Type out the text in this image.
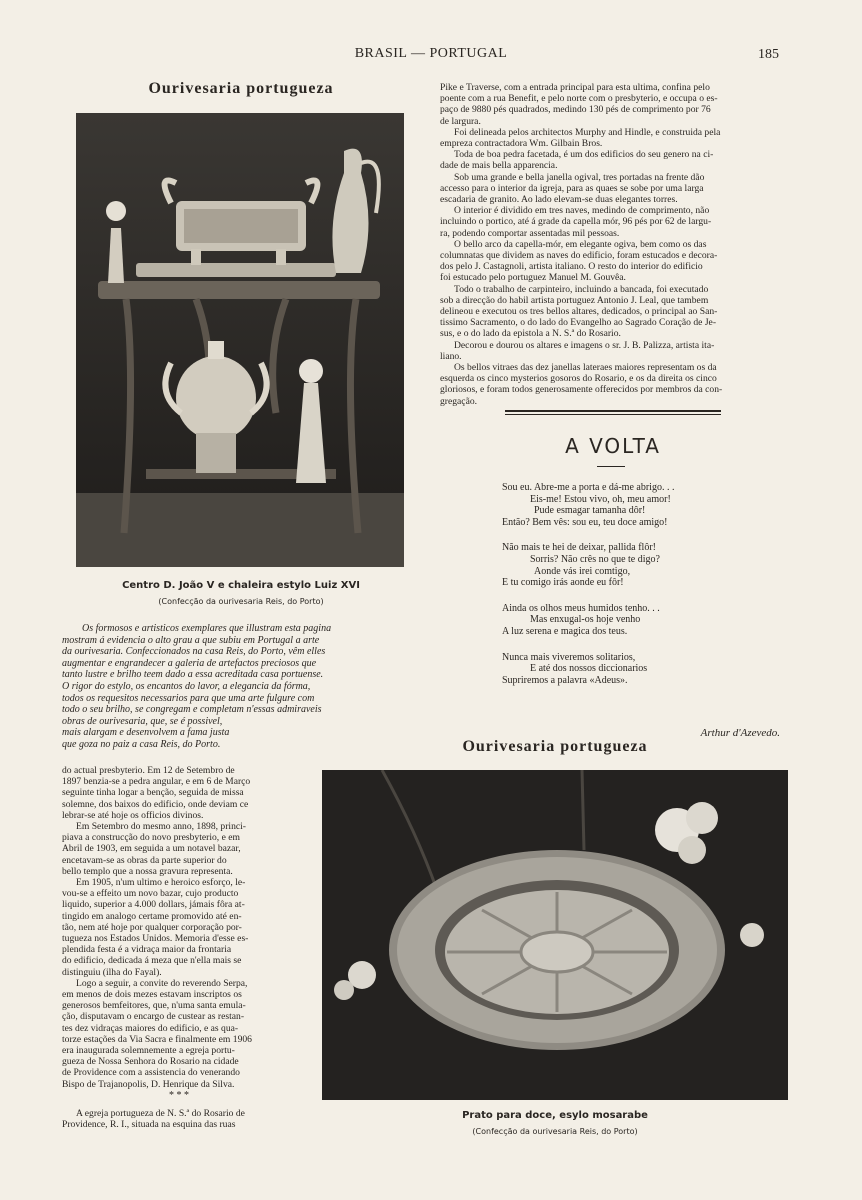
BRASIL — PORTUGAL	185
Ourivesaria portugueza
Centro D. João V e chaleira estylo Luiz XVI
(Confecção da ourivesaria Reis, do Porto)
Os formosos e artisticos exemplares que illustram esta pagina
mostram á evidencia o alto grau a que subiu em Portugal a arte
da ourivesaria. Confeccionados na casa Reis, do Porto, vêm elles
augmentar e engrandecer a galeria de artefactos preciosos que
tanto lustre e brilho teem dado a essa acreditada casa portuense.
O rigor do estylo, os encantos do lavor, a elegancia da fórma,
todos os requesitos necessarios para que uma arte fulgure com
todo o seu brilho, se congregam e completam n'essas admiraveis
obras de ourivesaria, que, se é possivel,
mais alargam e desenvolvem a fama justa
que goza no paiz a casa Reis, do Porto.
do actual presbyterio. Em 12 de Setembro de
1897 benzia-se a pedra angular, e em 6 de Março
seguinte tinha logar a benção, seguida de missa
solemne, dos baixos do edificio, onde deviam ce
lebrar-se até hoje os officios divinos.
Em Setembro do mesmo anno, 1898, princi-
piava a construcção do novo presbyterio, e em
Abril de 1903, em seguida a um notavel bazar,
encetavam-se as obras da parte superior do
bello templo que a nossa gravura representa.
Em 1905, n'um ultimo e heroico esforço, le-
vou-se a effeito um novo bazar, cujo producto
liquido, superior a 4.000 dollars, jámais fôra at-
tingido em analogo certame promovido até en-
tão, nem até hoje por qualquer corporação por-
tugueza nos Estados Unidos. Memoria d'esse es-
plendida festa é a vidraça maior da frontaria
do edificio, dedicada á meza que n'ella mais se
distinguiu (ilha do Fayal).
Logo a seguir, a convite do reverendo Serpa,
em menos de dois mezes estavam inscriptos os
generosos bemfeitores, que, n'uma santa emula-
ção, disputavam o encargo de custear as restan-
tes dez vidraças maiores do edificio, e as qua-
torze estações da Via Sacra e finalmente em 1906
era inaugurada solemnemente a egreja portu-
gueza de Nossa Senhora do Rosario na cidade
de Providence com a assistencia do venerando
Bispo de Trajanopolis, D. Henrique da Silva.
* * *
A egreja portugueza de N. S.ª do Rosario de
Providence, R. I., situada na esquina das ruas
Pike e Traverse, com a entrada principal para esta ultima, confina pelo
poente com a rua Benefit, e pelo norte com o presbyterio, e occupa o es-
paço de 9880 pés quadrados, medindo 130 pés de comprimento por 76
de largura.
Foi delineada pelos architectos Murphy and Hindle, e construida pela
empreza contractadora Wm. Gilbain Bros.
Toda de boa pedra facetada, é um dos edificios do seu genero na ci-
dade de mais bella apparencia.
Sob uma grande e bella janella ogival, tres portadas na frente dão
accesso para o interior da igreja, para as quaes se sobe por uma larga
escadaria de granito. Ao lado elevam-se duas elegantes torres.
O interior é dividido em tres naves, medindo de comprimento, não
incluindo o portico, até á grade da capella mór, 96 pés por 62 de largu-
ra, podendo comportar assentadas mil pessoas.
O bello arco da capella-mór, em elegante ogiva, bem como os das
columnatas que dividem as naves do edificio, foram estucados e decora-
dos pelo J. Castagnoli, artista italiano. O resto do interior do edificio
foi estucado pelo portuguez Manuel M. Gouvêa.
Todo o trabalho de carpinteiro, incluindo a bancada, foi executado
sob a direcção do habil artista portuguez Antonio J. Leal, que tambem
delineou e executou os tres bellos altares, dedicados, o principal ao San-
tissimo Sacramento, o do lado do Evangelho ao Sagrado Coração de Je-
sus, e o do lado da epistola a N. S.ª do Rosario.
Decorou e dourou os altares e imagens o sr. J. B. Palizza, artista ita-
liano.
Os bellos vitraes das dez janellas lateraes maiores representam os da
esquerda os cinco mysterios gosoros do Rosario, e os da direita os cinco
gloriosos, e foram todos generosamente offerecidos por membros da con-
gregação.
A VOLTA
Sou eu. Abre-me a porta e dá-me abrigo. . .
Eis-me! Estou vivo, oh, meu amor!
Pude esmagar tamanha dôr!
Então? Bem vês: sou eu, teu doce amigo!
Não mais te hei de deixar, pallida flôr!
Sorris? Não crês no que te digo?
Aonde vás irei comtigo,
E tu comigo irás aonde eu fôr!
Ainda os olhos meus humidos tenho. . .
Mas enxugal-os hoje venho
A luz serena e magica dos teus.
Nunca mais viveremos solitarios,
E até dos nossos diccionarios
Supriremos a palavra «Adeus».
Arthur d'Azevedo.
Ourivesaria portugueza
Prato para doce, esylo mosarabe
(Confecção da ourivesaria Reis, do Porto)
